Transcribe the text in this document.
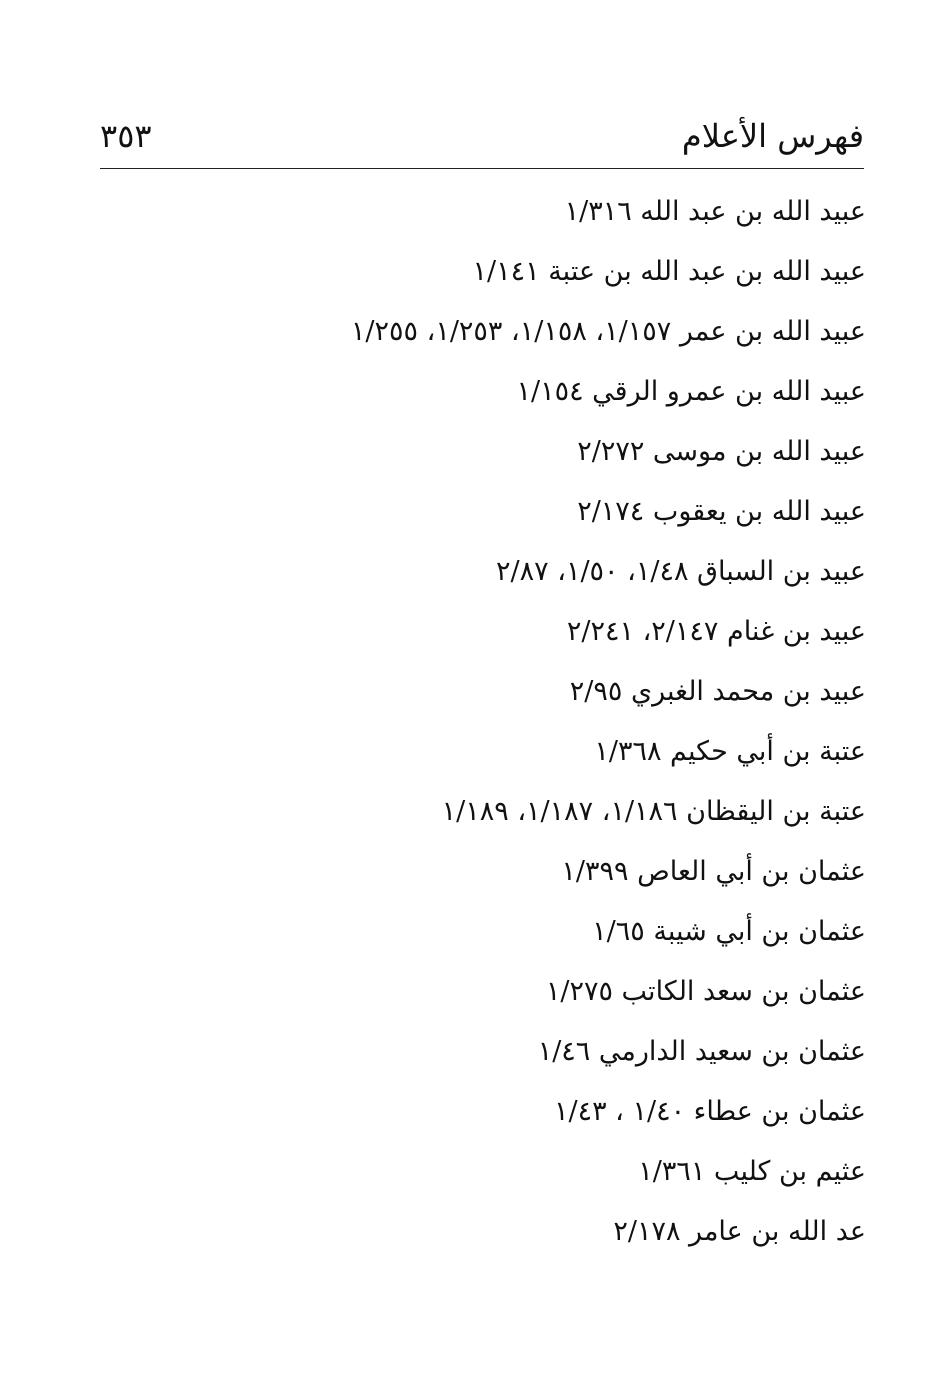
فهرس الأعلام
٣٥٣
عبيد الله بن عبد الله ١/٣١٦
عبيد الله بن عبد الله بن عتبة ١/١٤١
عبيد الله بن عمر ١/١٥٧، ١/١٥٨، ١/٢٥٣، ١/٢٥٥
عبيد الله بن عمرو الرقي ١/١٥٤
عبيد الله بن موسى ٢/٢٧٢
عبيد الله بن يعقوب ٢/١٧٤
عبيد بن السباق ١/٤٨، ١/٥٠، ٢/٨٧
عبيد بن غنام ٢/١٤٧، ٢/٢٤١
عبيد بن محمد الغبري ٢/٩٥
عتبة بن أبي حكيم ١/٣٦٨
عتبة بن اليقظان ١/١٨٦، ١/١٨٧، ١/١٨٩
عثمان بن أبي العاص ١/٣٩٩
عثمان بن أبي شيبة ١/٦٥
عثمان بن سعد الكاتب ١/٢٧٥
عثمان بن سعيد الدارمي ١/٤٦
عثمان بن عطاء ١/٤٠ ، ١/٤٣
عثيم بن كليب ١/٣٦١
عد الله بن عامر ٢/١٧٨
